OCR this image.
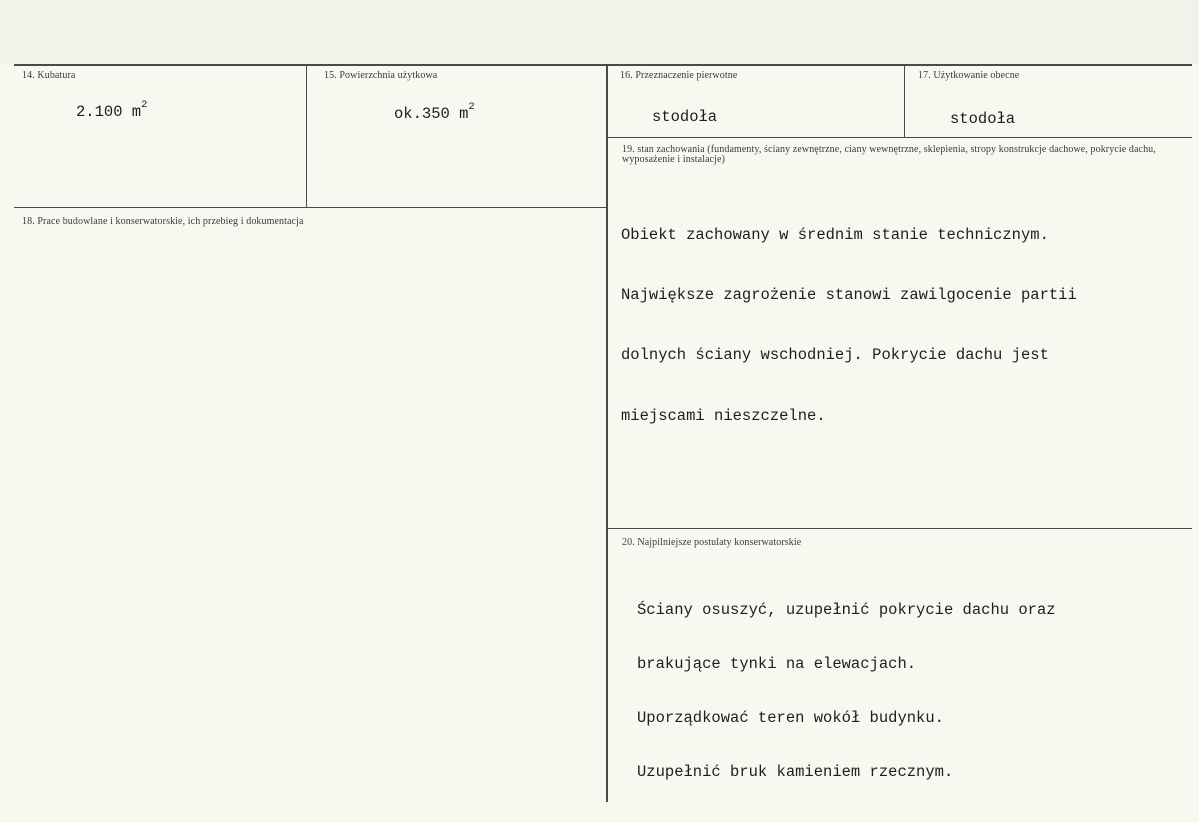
14. Kubatura
2.100 $m^2$
15. Powierzchnia użytkowa
ok.350 $m^2$
16. Przeznaczenie pierwotne
stodoła
17. Użytkowanie obecne
stodoła
18. Prace budowlane i konserwatorskie, ich przebieg i dokumentacja
19. stan zachowania (fundamenty, ściany zewnętrzne, ciany wewnętrzne, sklepienia, stropy konstrukcje dachowe, pokrycie dachu, wyposażenie i instalacje)

Obiekt zachowany w średnim stanie technicznym.

Największe zagrożenie stanowi zawilgocenie partii

dolnych ściany wschodniej. Pokrycie dachu jest

miejscami nieszczelne.

20. Najpilniejsze postulaty konserwatorskie

Ściany osuszyć, uzupełnić pokrycie dachu oraz

brakujące tynki na elewacjach.

Uporządkować teren wokół budynku.

Uzupełnić bruk kamieniem rzecznym.
